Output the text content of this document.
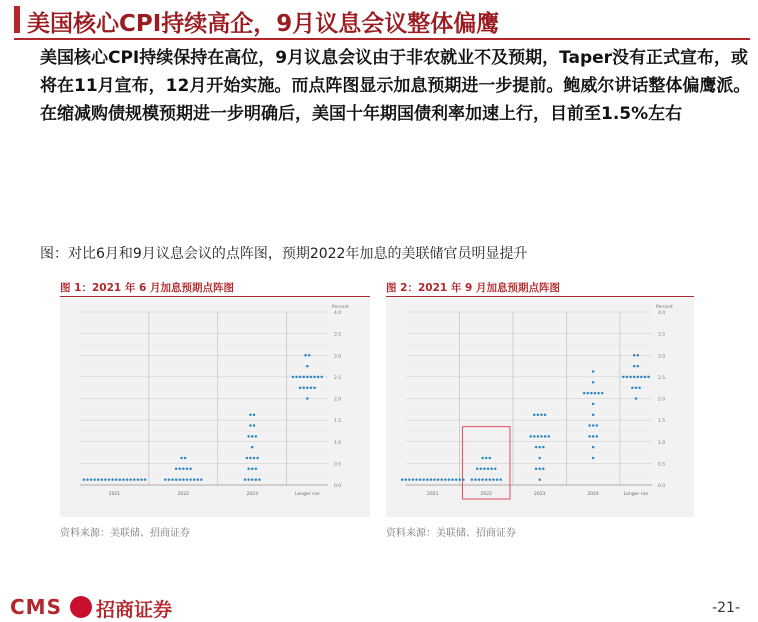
美国核心CPI持续高企，9月议息会议整体偏鹰
美国核心CPI持续保持在高位，9月议息会议由于非农就业不及预期，Taper没有正式宣布，或将在11月宣布，12月开始实施。而点阵图显示加息预期进一步提前。鲍威尔讲话整体偏鹰派。在缩减购债规模预期进一步明确后，美国十年期国债利率加速上行，目前至1.5%左右
图：对比6月和9月议息会议的点阵图，预期2022年加息的美联储官员明显提升
图 1：2021 年 6 月加息预期点阵图
0.0
0.5
1.0
1.5
2.0
2.5
3.0
3.5
4.0
Percent
2021	2022	2023	Longer run
资料来源：美联储、招商证券
图 2：2021 年 9 月加息预期点阵图
0.0
0.5
1.0
1.5
2.0
2.5
3.0
3.5
4.0
Percent
2021	2022	2023	2024	Longer run
资料来源：美联储、招商证券
CMS 招商证券	-21-
